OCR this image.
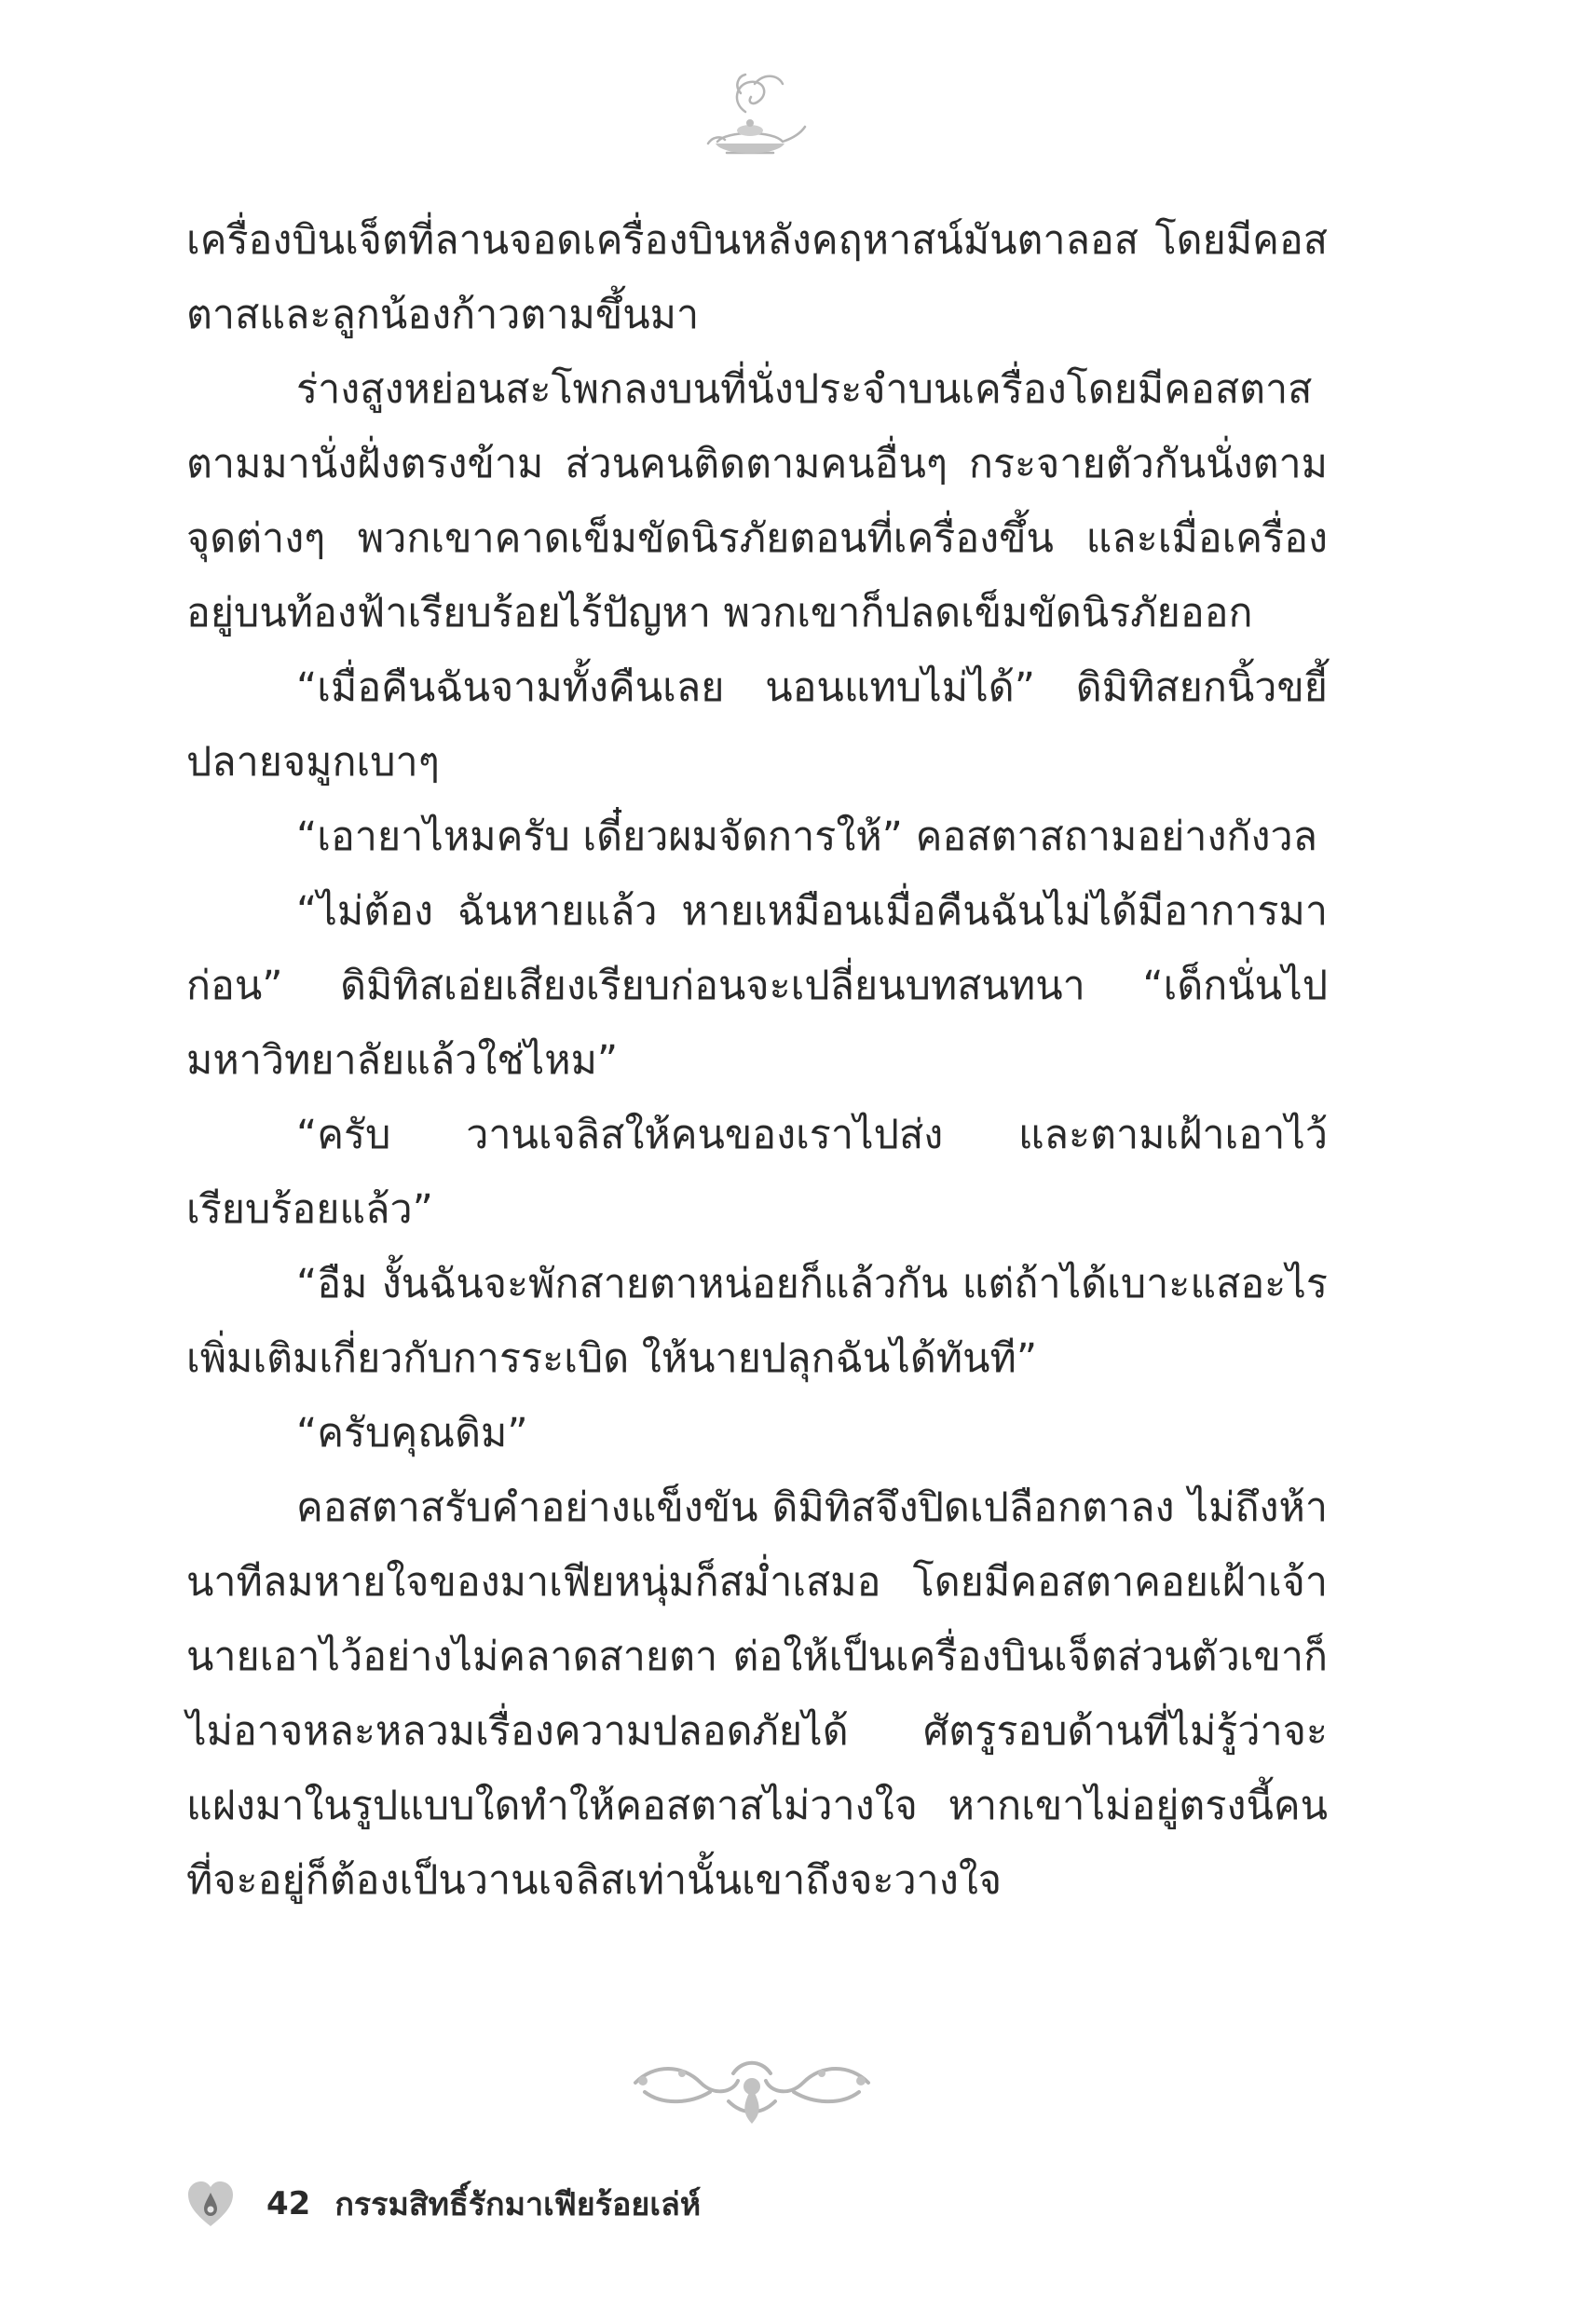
เครื่องบินเจ็ตที่ลานจอดเครื่องบินหลังคฤหาสน์มันตาลอส โดยมีคอสตาสและลูกน้องก้าวตามขึ้นมา

ร่างสูงหย่อนสะโพกลงบนที่นั่งประจำบนเครื่องโดยมีคอสตาสตามมานั่งฝั่งตรงข้าม ส่วนคนติดตามคนอื่นๆ กระจายตัวกันนั่งตามจุดต่างๆ พวกเขาคาดเข็มขัดนิรภัยตอนที่เครื่องขึ้น และเมื่อเครื่องอยู่บนท้องฟ้าเรียบร้อยไร้ปัญหา พวกเขาก็ปลดเข็มขัดนิรภัยออก

“เมื่อคืนฉันจามทั้งคืนเลย นอนแทบไม่ได้” ดิมิทิสยกนิ้วขยี้ปลายจมูกเบาๆ

“เอายาไหมครับ เดี๋ยวผมจัดการให้” คอสตาสถามอย่างกังวล

“ไม่ต้อง ฉันหายแล้ว หายเหมือนเมื่อคืนฉันไม่ได้มีอาการมาก่อน” ดิมิทิสเอ่ยเสียงเรียบก่อนจะเปลี่ยนบทสนทนา “เด็กนั่นไปมหาวิทยาลัยแล้วใช่ไหม”

“ครับ วานเจลิสให้คนของเราไปส่ง และตามเฝ้าเอาไว้เรียบร้อยแล้ว”

“อืม งั้นฉันจะพักสายตาหน่อยก็แล้วกัน แต่ถ้าได้เบาะแสอะไรเพิ่มเติมเกี่ยวกับการระเบิด ให้นายปลุกฉันได้ทันที”

“ครับคุณดิม”

คอสตาสรับคำอย่างแข็งขัน ดิมิทิสจึงปิดเปลือกตาลง ไม่ถึงห้านาทีลมหายใจของมาเฟียหนุ่มก็สม่ำเสมอ โดยมีคอสตาคอยเฝ้าเจ้านายเอาไว้อย่างไม่คลาดสายตา ต่อให้เป็นเครื่องบินเจ็ตส่วนตัวเขาก็ไม่อาจหละหลวมเรื่องความปลอดภัยได้ ศัตรูรอบด้านที่ไม่รู้ว่าจะแฝงมาในรูปแบบใดทำให้คอสตาสไม่วางใจ หากเขาไม่อยู่ตรงนี้คนที่จะอยู่ก็ต้องเป็นวานเจลิสเท่านั้นเขาถึงจะวางใจ

42 กรรมสิทธิ์รักมาเฟียร้อยเล่ห์
